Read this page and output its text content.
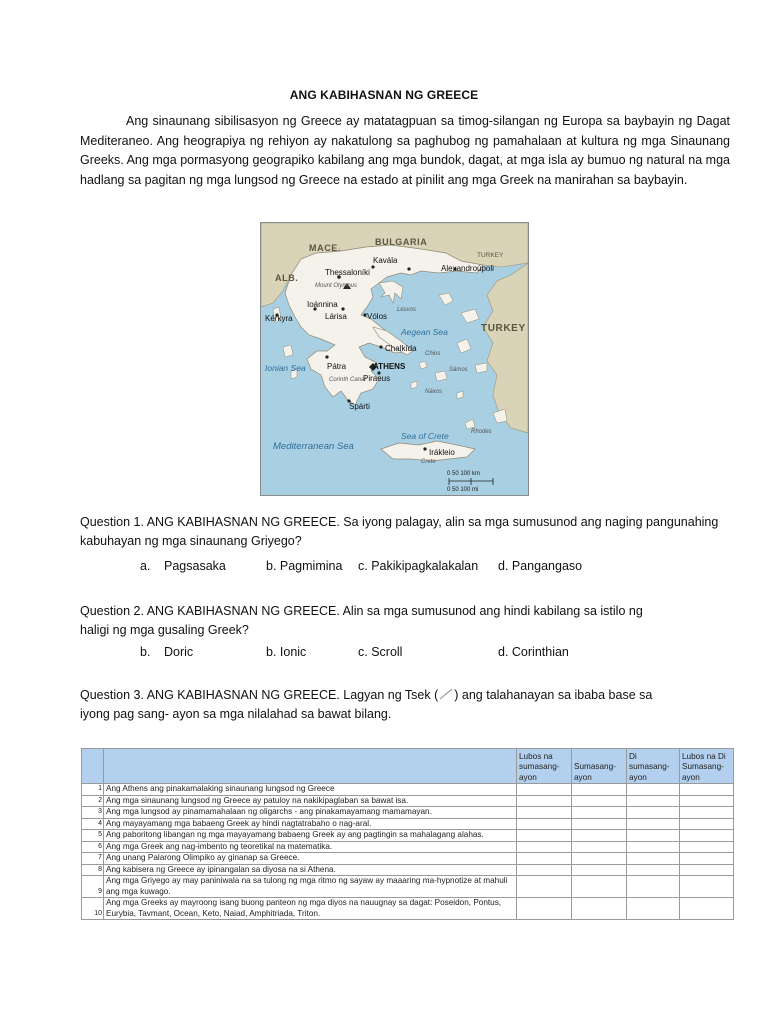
ANG KABIHASNAN NG GREECE

Ang sinaunang sibilisasyon ng Greece ay matatagpuan sa timog-silangan ng Europa sa baybayin ng Dagat Mediteraneo. Ang heograpiya ng rehiyon ay nakatulong sa paghubog ng pamahalaan at kultura ng mga Sinaunang Greeks. Ang mga pormasyong geograpiko kabilang ang mga bundok, dagat, at mga isla ay bumuo ng natural na mga hadlang sa pagitan ng mga lungsod ng Greece na estado at pinilit ang mga Greek na manirahan sa baybayin.

MACE.
BULGARIA
ALB.
TURKEY
TURKEY
Kavála
Thessaloníki	Alexandroúpoli
Ioánnina
Lárisa
Kérkyra	Vólos
Chalkída
Pátra
Piraeus
Spárti
Irákleio
ATHENS
Mount Olympus
Lesvos
Chios
Sámos
Náxos
Corinth Canal
Rhodes
Crete
Aegean Sea
Ionian Sea
Sea of Crete
Mediterranean Sea
0 50 100 km
0 50 100 mi

Question 1. ANG KABIHASNAN NG GREECE. Sa iyong palagay, alin sa mga sumusunod ang naging pangunahing kabuhayan ng mga sinaunang Griyego?

a. Pagsasaka	b. Pagmimina c. Pakikipagkalakalan d. Pangangaso

Question 2. ANG KABIHASNAN NG GREECE. Alin sa mga sumusunod ang hindi kabilang sa istilo ng haligi ng mga gusaling Greek?

b. Doric	b. Ionic	c. Scroll	d. Corinthian

Question 3. ANG KABIHASNAN NG GREECE. Lagyan ng Tsek ( ) ang talahanayan sa ibaba base sa iyong pag sang- ayon sa mga nilalahad sa bawat bilang.

		Lubos na sumasang-ayon	Sumasang-ayon	Di sumasang-ayon	Lubos na Di Sumasang-ayon
1	Ang Athens ang pinakamalaking sinaunang lungsod ng Greece				
2	Ang mga sinaunang lungsod ng Greece ay patuloy na nakikipaglaban sa bawat isa.				
3	Ang mga lungsod ay pinamamahalaan ng oligarchs - ang pinakamayamang mamamayan.				
4	Ang mayayamang mga babaeng Greek ay hindi nagtatrabaho o nag-aral.				
5	Ang paboritong libangan ng mga mayayamang babaeng Greek ay ang pagtingin sa mahalagang alahas.				
6	Ang mga Greek ang nag-imbento ng teoretikal na matematika.				
7	Ang unang Palarong Olimpiko ay ginanap sa Greece.				
8	Ang kabisera ng Greece ay ipinangalan sa diyosa na si Athena.				
9	Ang mga Griyego ay may paniniwala na sa tulong ng mga ritmo ng sayaw ay maaaring ma-hypnotize at mahuli ang mga kuwago.				
10	Ang mga Greeks ay mayroong isang buong panteon ng mga diyos na nauugnay sa dagat: Poseidon, Pontus, Eurybia, Tavmant, Ocean, Keto, Naiad, Amphitriada, Triton.				
